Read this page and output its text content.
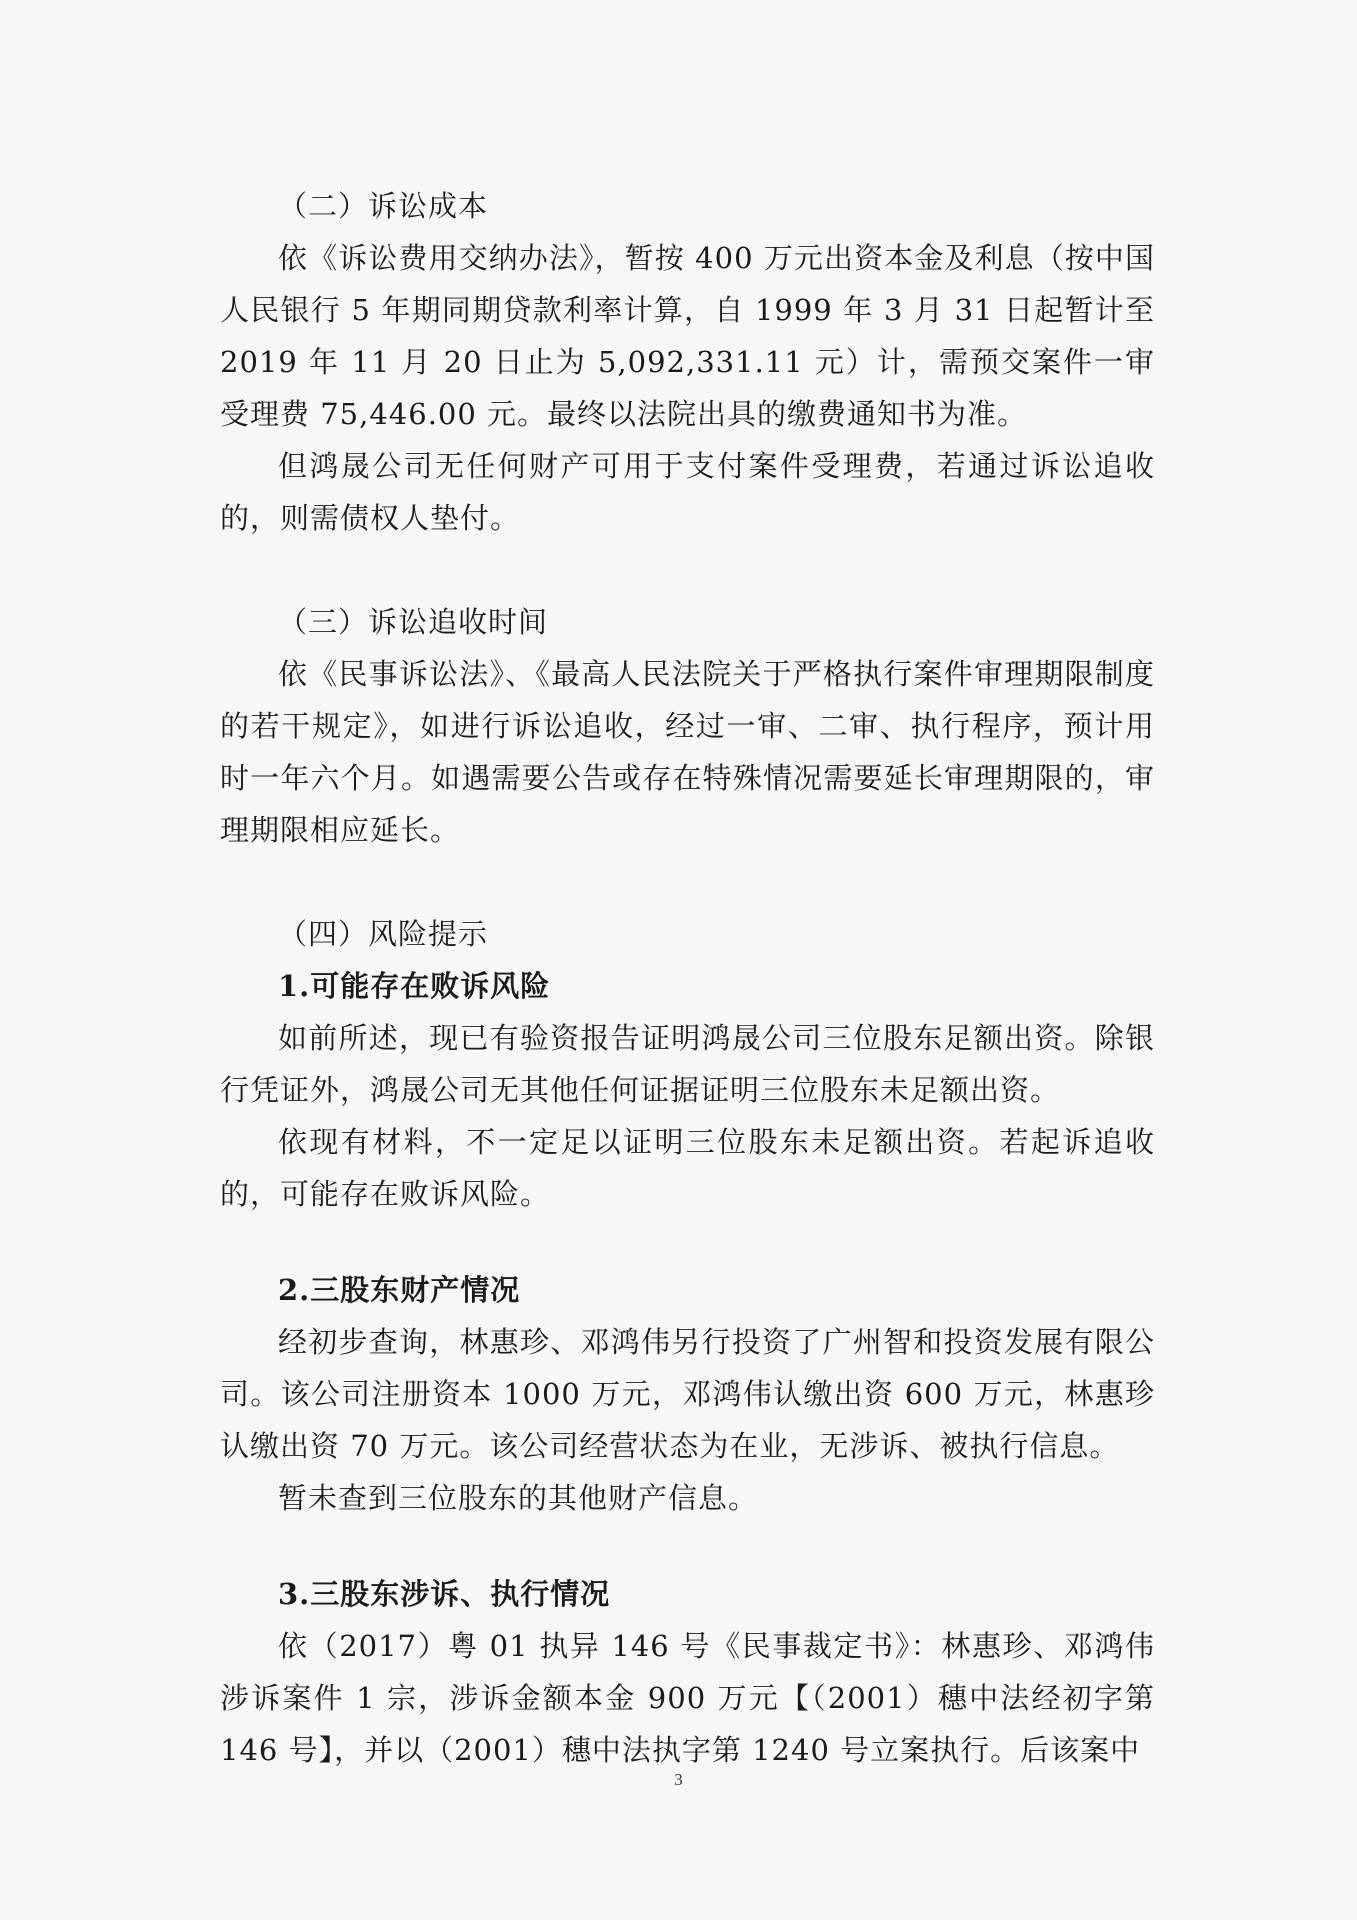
（二）诉讼成本

依《诉讼费用交纳办法》，暂按 400 万元出资本金及利息（按中国人民银行 5 年期同期贷款利率计算，自 1999 年 3 月 31 日起暂计至 2019 年 11 月 20 日止为 5,092,331.11 元）计，需预交案件一审受理费 75,446.00 元。最终以法院出具的缴费通知书为准。

但鸿晟公司无任何财产可用于支付案件受理费，若通过诉讼追收的，则需债权人垫付。

（三）诉讼追收时间

依《民事诉讼法》、《最高人民法院关于严格执行案件审理期限制度的若干规定》，如进行诉讼追收，经过一审、二审、执行程序，预计用时一年六个月。如遇需要公告或存在特殊情况需要延长审理期限的，审理期限相应延长。

（四）风险提示

1.可能存在败诉风险

如前所述，现已有验资报告证明鸿晟公司三位股东足额出资。除银行凭证外，鸿晟公司无其他任何证据证明三位股东未足额出资。

依现有材料，不一定足以证明三位股东未足额出资。若起诉追收的，可能存在败诉风险。

2.三股东财产情况

经初步查询，林惠珍、邓鸿伟另行投资了广州智和投资发展有限公司。该公司注册资本 1000 万元，邓鸿伟认缴出资 600 万元，林惠珍认缴出资 70 万元。该公司经营状态为在业，无涉诉、被执行信息。

暂未查到三位股东的其他财产信息。

3.三股东涉诉、执行情况

依（2017）粤 01 执异 146 号《民事裁定书》：林惠珍、邓鸿伟涉诉案件 1 宗，涉诉金额本金 900 万元【（2001）穗中法经初字第 146 号】，并以（2001）穗中法执字第 1240 号立案执行。后该案中

3
